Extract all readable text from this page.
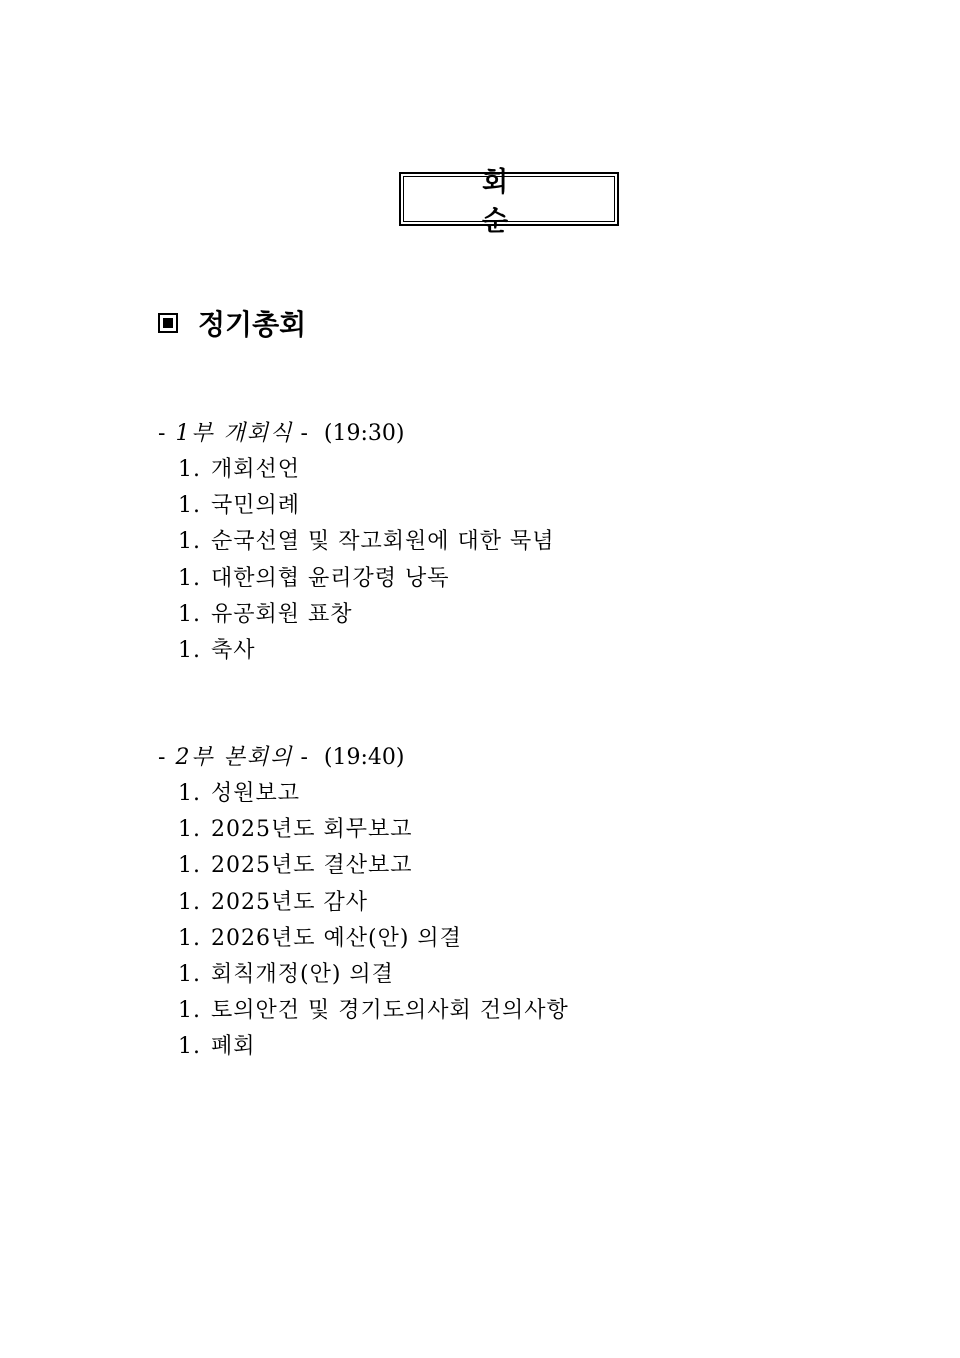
회 순
정기총회
- 1부 개회식 - (19:30)
1. 개회선언
1. 국민의례
1. 순국선열 및 작고회원에 대한 묵념
1. 대한의협 윤리강령 낭독
1. 유공회원 표창
1. 축사
- 2부 본회의 - (19:40)
1. 성원보고
1. 2025년도 회무보고
1. 2025년도 결산보고
1. 2025년도 감사
1. 2026년도 예산(안) 의결
1. 회칙개정(안) 의결
1. 토의안건 및 경기도의사회 건의사항
1. 폐회
